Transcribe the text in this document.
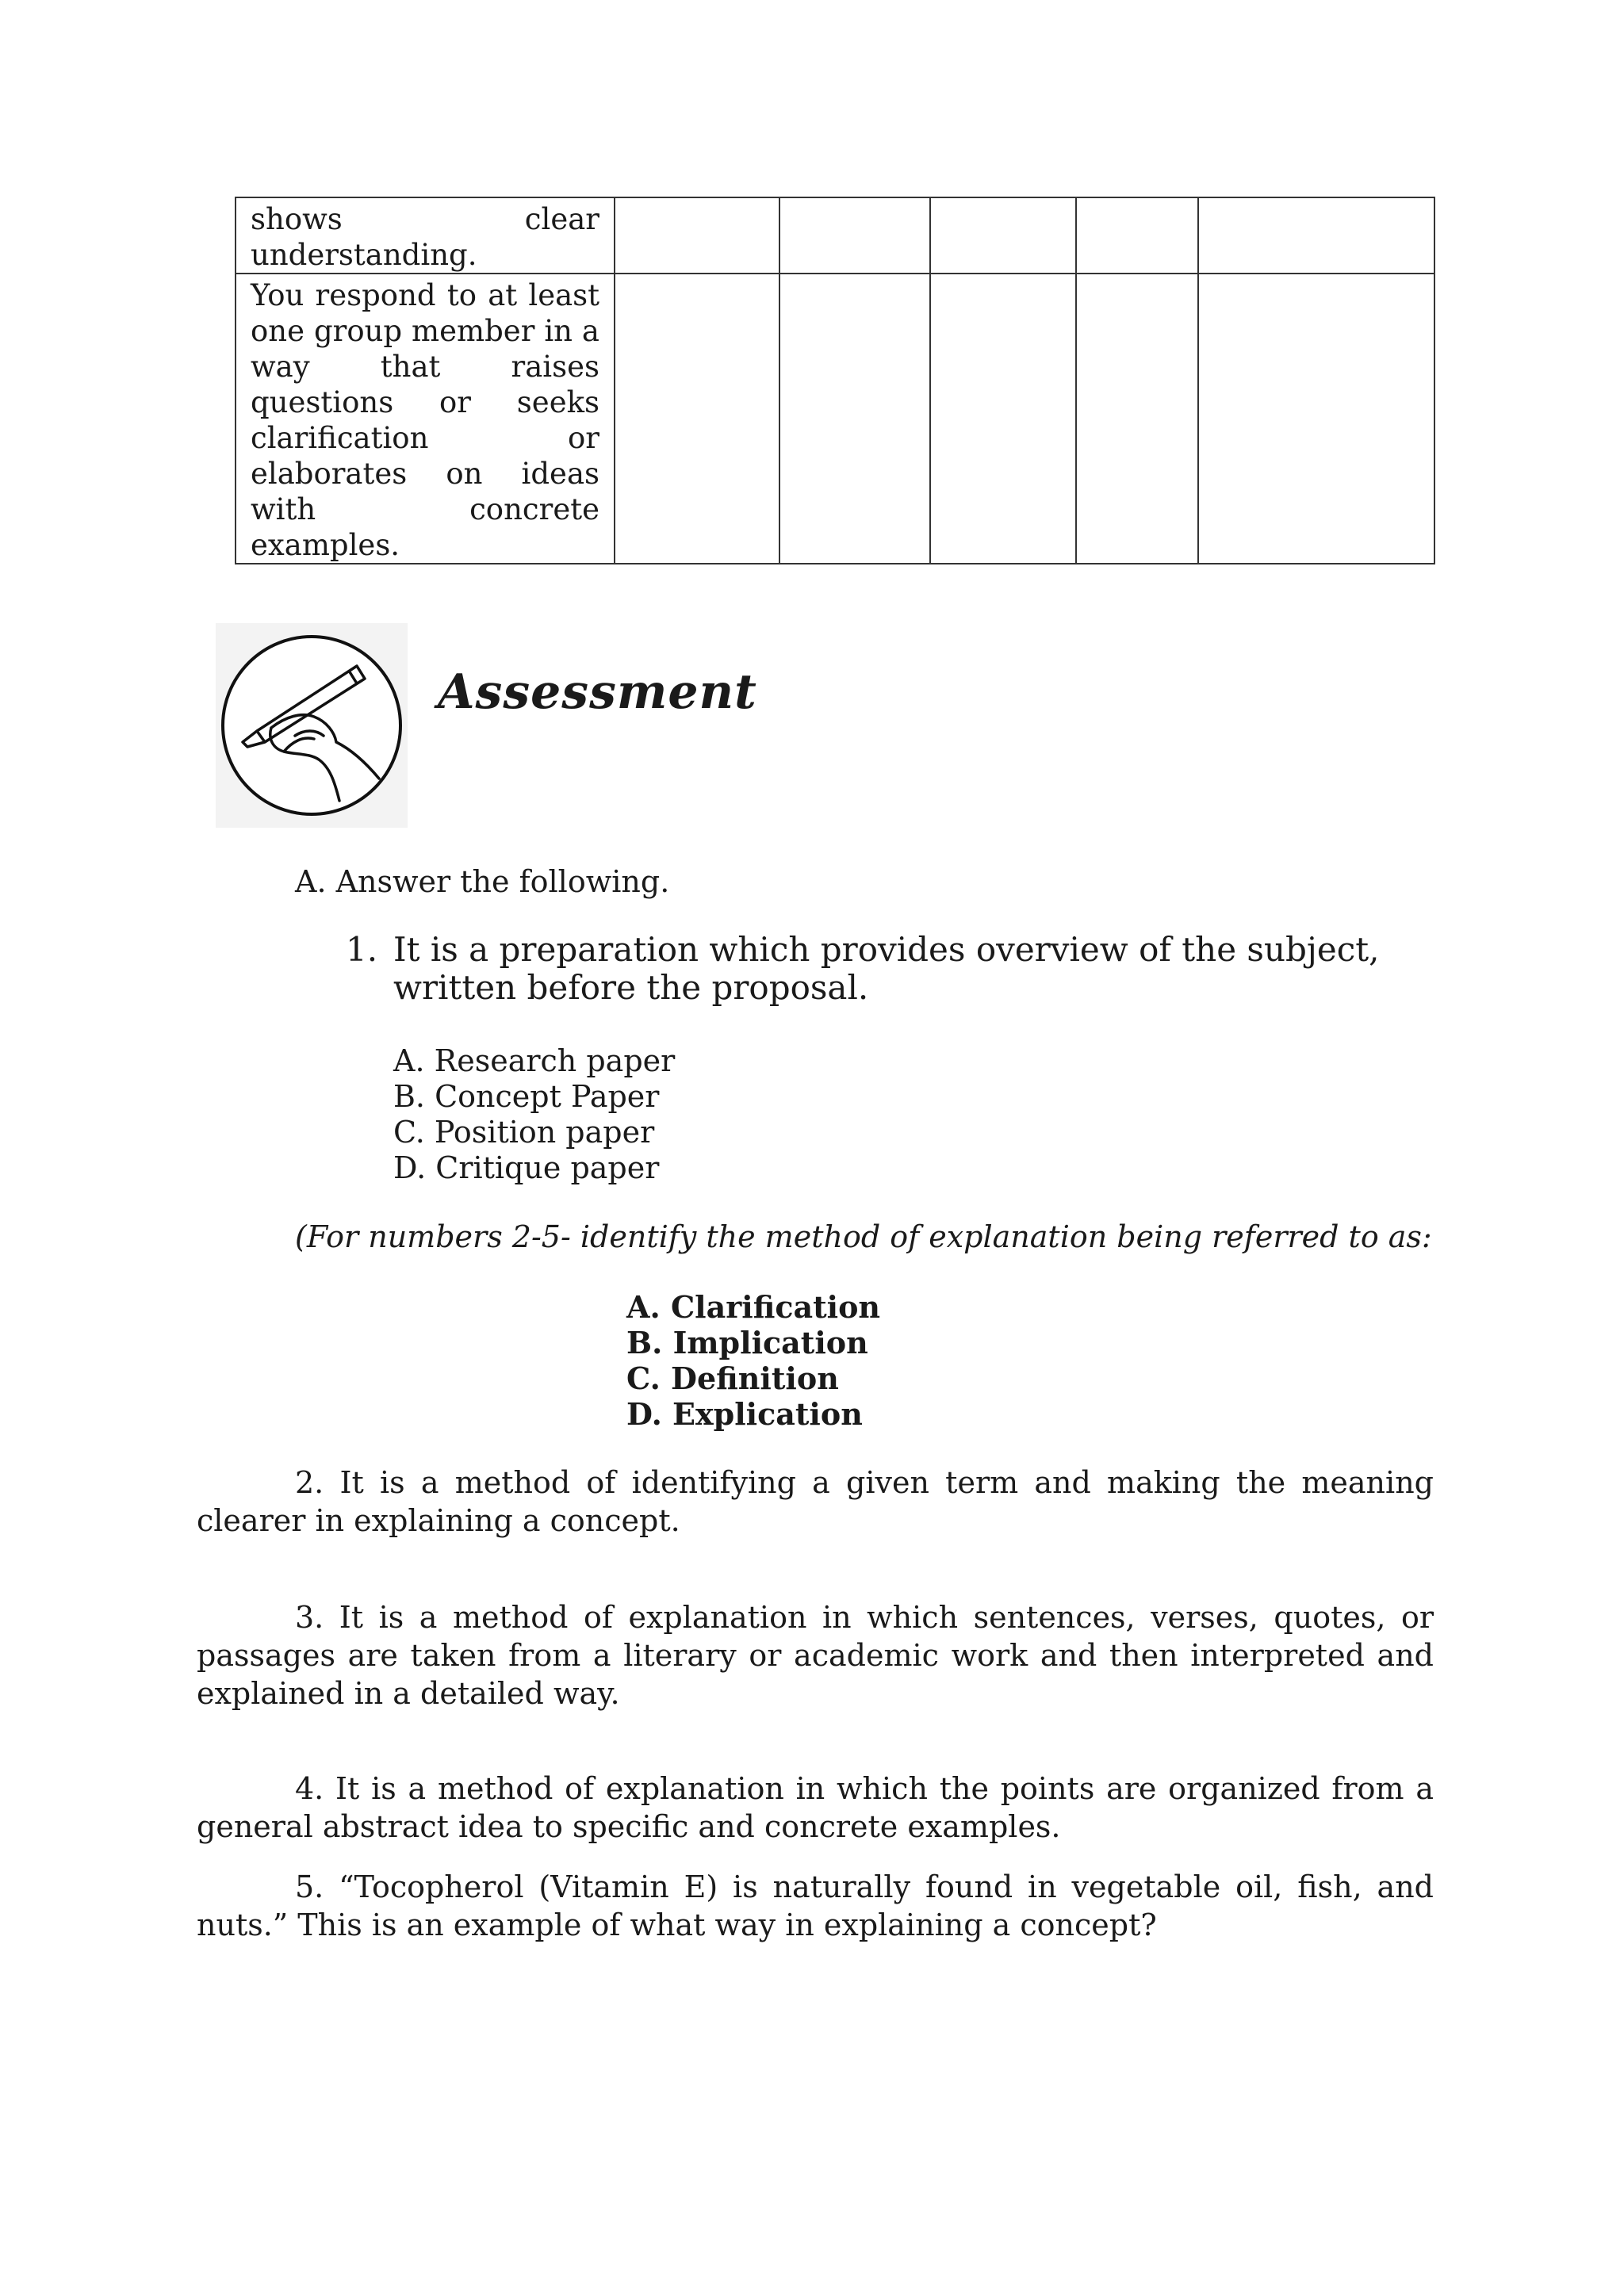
shows clear understanding.					
You respond to at least one group member in a way that raises questions or seeks clarification or elaborates on ideas with concrete examples.					
Assessment
A. Answer the following.
1. It is a preparation which provides overview of the subject, written before the proposal.
A. Research paper
B. Concept Paper
C. Position paper
D. Critique paper
(For numbers 2-5- identify the method of explanation being referred to as:
A. Clarification
B. Implication
C. Definition
D. Explication
2. It is a method of identifying a given term and making the meaning clearer in explaining a concept.
3. It is a method of explanation in which sentences, verses, quotes, or passages are taken from a literary or academic work and then interpreted and explained in a detailed way.
4. It is a method of explanation in which the points are organized from a general abstract idea to specific and concrete examples.
5. “Tocopherol (Vitamin E) is naturally found in vegetable oil, fish, and nuts.” This is an example of what way in explaining a concept?
